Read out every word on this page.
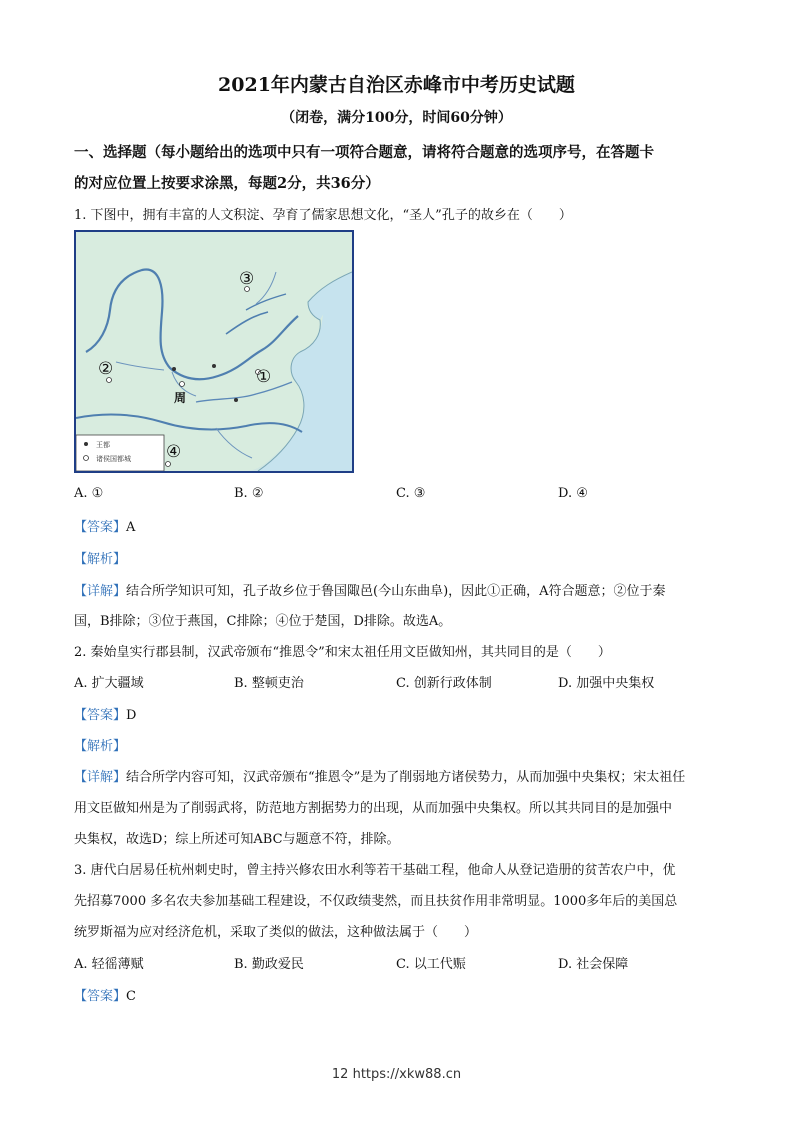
2021年内蒙古自治区赤峰市中考历史试题
（闭卷，满分100分，时间60分钟）
一、选择题（每小题给出的选项中只有一项符合题意，请将符合题意的选项序号，在答题卡
的对应位置上按要求涂黑，每题2分，共36分）
1. 下图中，拥有丰富的人文积淀、孕育了儒家思想文化，“圣人”孔子的故乡在（　　）
王都
诸侯国都城
③
②	①
④
周
A. ①	B. ②	C. ③	D. ④
【答案】A
【解析】
【详解】结合所学知识可知，孔子故乡位于鲁国陬邑(今山东曲阜)，因此①正确，A符合题意；②位于秦
国，B排除；③位于燕国，C排除；④位于楚国，D排除。故选A。
2. 秦始皇实行郡县制，汉武帝颁布“推恩令”和宋太祖任用文臣做知州，其共同目的是（　　）
A. 扩大疆域	B. 整顿吏治	C. 创新行政体制	D. 加强中央集权
【答案】D
【解析】
【详解】结合所学内容可知，汉武帝颁布“推恩令”是为了削弱地方诸侯势力，从而加强中央集权；宋太祖任
用文臣做知州是为了削弱武将，防范地方割据势力的出现，从而加强中央集权。所以其共同目的是加强中
央集权，故选D；综上所述可知ABC与题意不符，排除。
3. 唐代白居易任杭州刺史时，曾主持兴修农田水利等若干基础工程，他命人从登记造册的贫苦农户中，优
先招募7000 多名农夫参加基础工程建设，不仅政绩斐然，而且扶贫作用非常明显。1000多年后的美国总
统罗斯福为应对经济危机，采取了类似的做法，这种做法属于（　　）
A. 轻徭薄赋	B. 勤政爱民	C. 以工代赈	D. 社会保障
【答案】C
12 https://xkw88.cn
